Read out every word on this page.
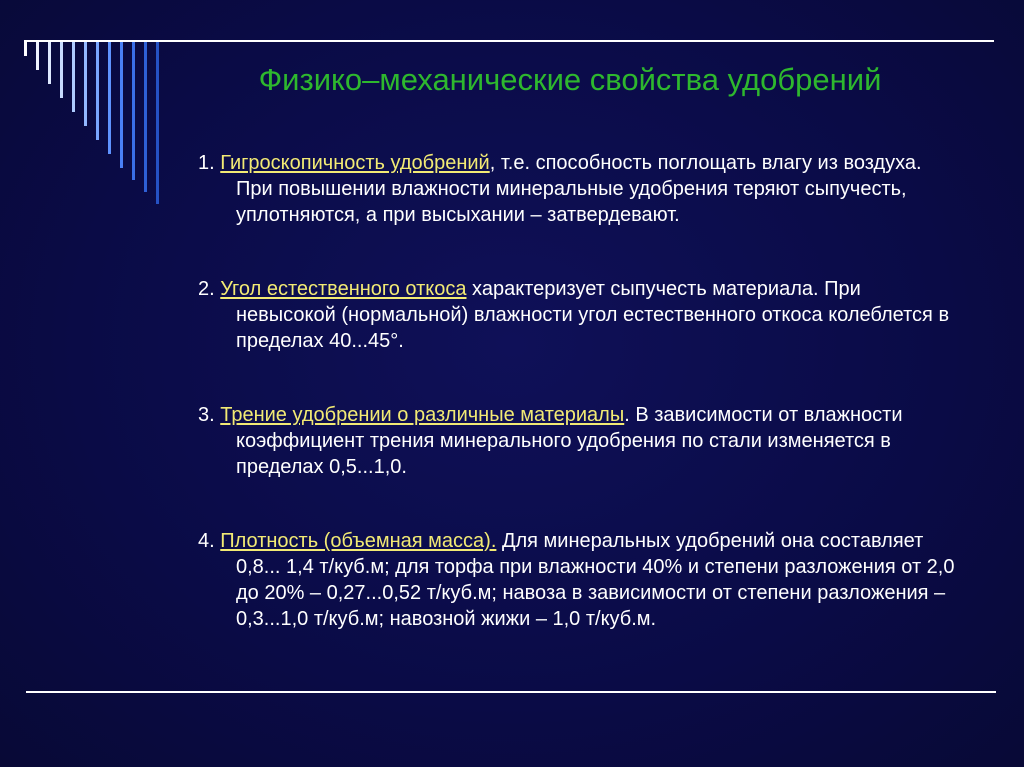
Физико–механические свойства удобрений

1. Гигроскопичность удобрений, т.е. способность поглощать влагу из воздуха. При повышении влажности минеральные удобрения теряют сыпучесть, уплотняются, а при высыхании – затвердевают.

2. Угол естественного откоса характеризует сыпучесть материала. При невысокой (нормальной) влажности угол естественного откоса колеблется в пределах 40...45°.

3. Трение удобрении о различные материалы. В зависимости от влажности коэффициент трения минерального удобрения по стали изменяется в пределах 0,5...1,0.

4. Плотность (объемная масса). Для минеральных удобрений она составляет 0,8... 1,4 т/куб.м; для торфа при влажности 40% и степени разложения от 2,0 до 20% – 0,27...0,52 т/куб.м; навоза в зависимости от степени разложения – 0,3...1,0 т/куб.м; навозной жижи – 1,0 т/куб.м.
